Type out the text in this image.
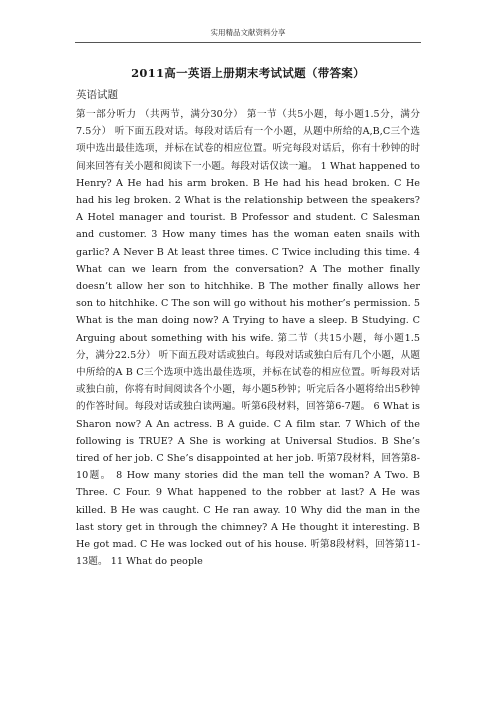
实用精品文献资料分享
2011高一英语上册期末考试试题（带答案）
英语试题
第一部分听力 （共两节，满分30分） 第一节（共5小题，每小题1.5分，满分7.5分） 听下面五段对话。每段对话后有一个小题，从题中所给的A,B,C三个选项中选出最佳选项，并标在试卷的相应位置。听完每段对话后，你有十秒钟的时间来回答有关小题和阅读下一小题。每段对话仅读一遍。 1 What happened to Henry? A He had his arm broken. B He had his head broken. C He had his leg broken. 2 What is the relationship between the speakers? A Hotel manager and tourist. B Professor and student. C Salesman and customer. 3 How many times has the woman eaten snails with garlic? A Never B At least three times. C Twice including this time. 4 What can we learn from the conversation? A The mother finally doesn’t allow her son to hitchhike. B The mother finally allows her son to hitchhike. C The son will go without his mother’s permission. 5 What is the man doing now? A Trying to have a sleep. B Studying. C Arguing about something with his wife. 第二节（共15小题，每小题1.5分，满分22.5分） 听下面五段对话或独白。每段对话或独白后有几个小题，从题中所给的A B C三个选项中选出最佳选项，并标在试卷的相应位置。听每段对话或独白前，你将有时间阅读各个小题，每小题5秒钟；听完后各小题将给出5秒钟的作答时间。每段对话或独白读两遍。听第6段材料，回答第6-7题。 6 What is Sharon now? A An actress. B A guide. C A film star. 7 Which of the following is TRUE? A She is working at Universal Studios. B She’s tired of her job. C She’s disappointed at her job. 听第7段材料，回答第8-10题。 8 How many stories did the man tell the woman? A Two. B Three. C Four. 9 What happened to the robber at last? A He was killed. B He was caught. C He ran away. 10 Why did the man in the last story get in through the chimney? A He thought it interesting. B He got mad. C He was locked out of his house. 听第8段材料，回答第11-13题。 11 What do people
